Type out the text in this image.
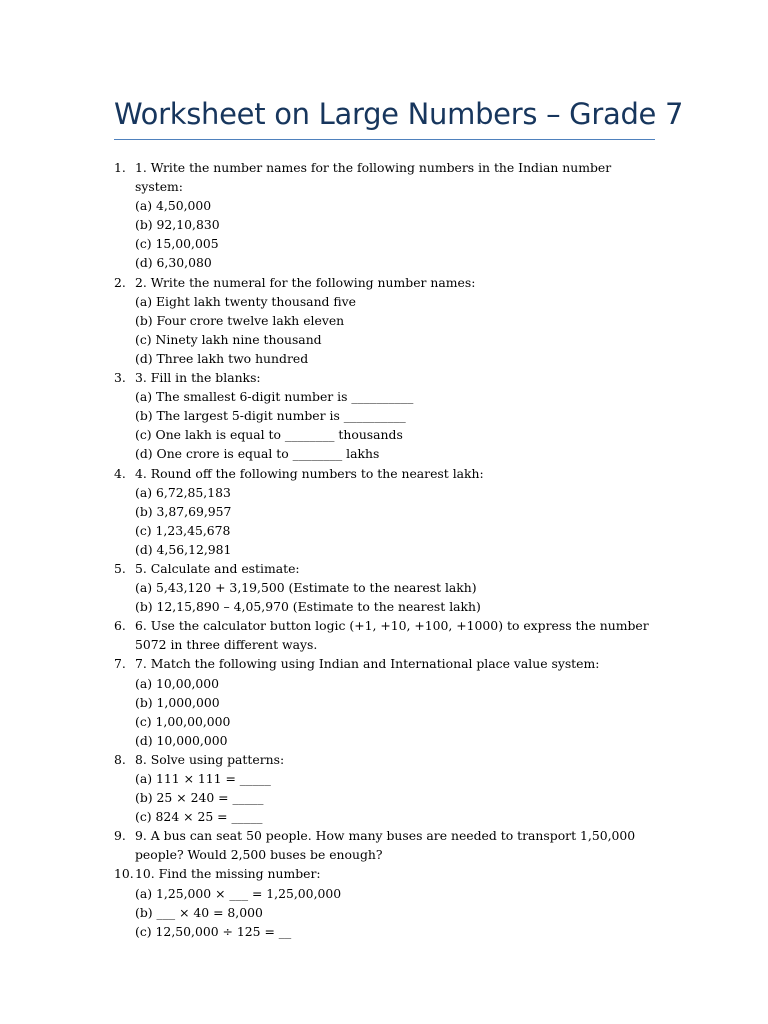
Worksheet on Large Numbers – Grade 7
1. 1. Write the number names for the following numbers in the Indian number system:
(a) 4,50,000
(b) 92,10,830
(c) 15,00,005
(d) 6,30,080
2. 2. Write the numeral for the following number names:
(a) Eight lakh twenty thousand five
(b) Four crore twelve lakh eleven
(c) Ninety lakh nine thousand
(d) Three lakh two hundred
3. 3. Fill in the blanks:
(a) The smallest 6-digit number is __________
(b) The largest 5-digit number is __________
(c) One lakh is equal to ________ thousands
(d) One crore is equal to ________ lakhs
4. 4. Round off the following numbers to the nearest lakh:
(a) 6,72,85,183
(b) 3,87,69,957
(c) 1,23,45,678
(d) 4,56,12,981
5. 5. Calculate and estimate:
(a) 5,43,120 + 3,19,500 (Estimate to the nearest lakh)
(b) 12,15,890 – 4,05,970 (Estimate to the nearest lakh)
6. 6. Use the calculator button logic (+1, +10, +100, +1000) to express the number 5072 in three different ways.
7. 7. Match the following using Indian and International place value system:
(a) 10,00,000
(b) 1,000,000
(c) 1,00,00,000
(d) 10,000,000
8. 8. Solve using patterns:
(a) 111 × 111 = _____
(b) 25 × 240 = _____
(c) 824 × 25 = _____
9. 9. A bus can seat 50 people. How many buses are needed to transport 1,50,000 people? Would 2,500 buses be enough?
10. 10. Find the missing number:
(a) 1,25,000 × ___ = 1,25,00,000
(b) ___ × 40 = 8,000
(c) 12,50,000 ÷ 125 = __
